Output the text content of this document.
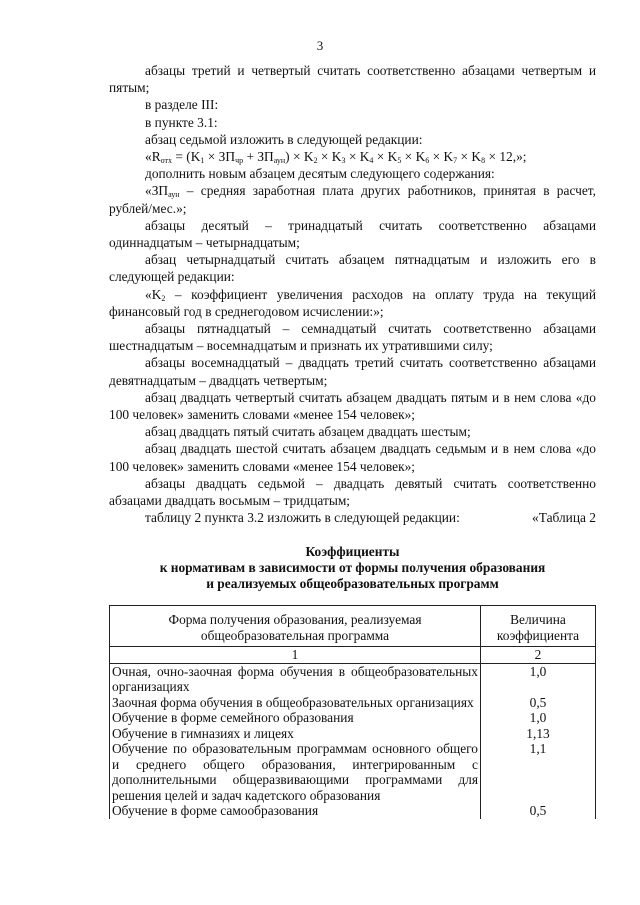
3

абзацы третий и четвертый считать соответственно абзацами четвертым и пятым;

в разделе III:

в пункте 3.1:

абзац седьмой изложить в следующей редакции:

«$R_{отх} = (K_1 \times ЗП_{чр} + ЗП_{аун}) \times K_2 \times K_3 \times K_4 \times K_5 \times K_6 \times K_7 \times K_8 \times 12$,»;

дополнить новым абзацем десятым следующего содержания:

«$ЗП_{аун}$ – средняя заработная плата других работников, принятая в расчет, рублей/мес.»;

абзацы десятый – тринадцатый считать соответственно абзацами одиннадцатым – четырнадцатым;

абзац четырнадцатый считать абзацем пятнадцатым и изложить его в следующей редакции:

«$K_2$ – коэффициент увеличения расходов на оплату труда на текущий финансовый год в среднегодовом исчислении:»;

абзацы пятнадцатый – семнадцатый считать соответственно абзацами шестнадцатым – восемнадцатым и признать их утратившими силу;

абзацы восемнадцатый – двадцать третий считать соответственно абзацами девятнадцатым – двадцать четвертым;

абзац двадцать четвертый считать абзацем двадцать пятым и в нем слова «до 100 человек» заменить словами «менее 154 человек»;

абзац двадцать пятый считать абзацем двадцать шестым;

абзац двадцать шестой считать абзацем двадцать седьмым и в нем слова «до 100 человек» заменить словами «менее 154 человек»;

абзацы двадцать седьмой – двадцать девятый считать соответственно абзацами двадцать восьмым – тридцатым;

таблицу 2 пункта 3.2 изложить в следующей редакции:	«Таблица 2
Коэффициенты
к нормативам в зависимости от формы получения образования
и реализуемых общеобразовательных программ
Форма получения образования, реализуемая общеобразовательная программа	Величина коэффициента
1	2
Очная, очно-заочная форма обучения в общеобразовательных организациях	1,0
Заочная форма обучения в общеобразовательных организациях	0,5
Обучение в форме семейного образования	1,0
Обучение в гимназиях и лицеях	1,13
Обучение по образовательным программам основного общего и среднего общего образования, интегрированным с дополнительными общеразвивающими программами для решения целей и задач кадетского образования	1,1
Обучение в форме самообразования	0,5
